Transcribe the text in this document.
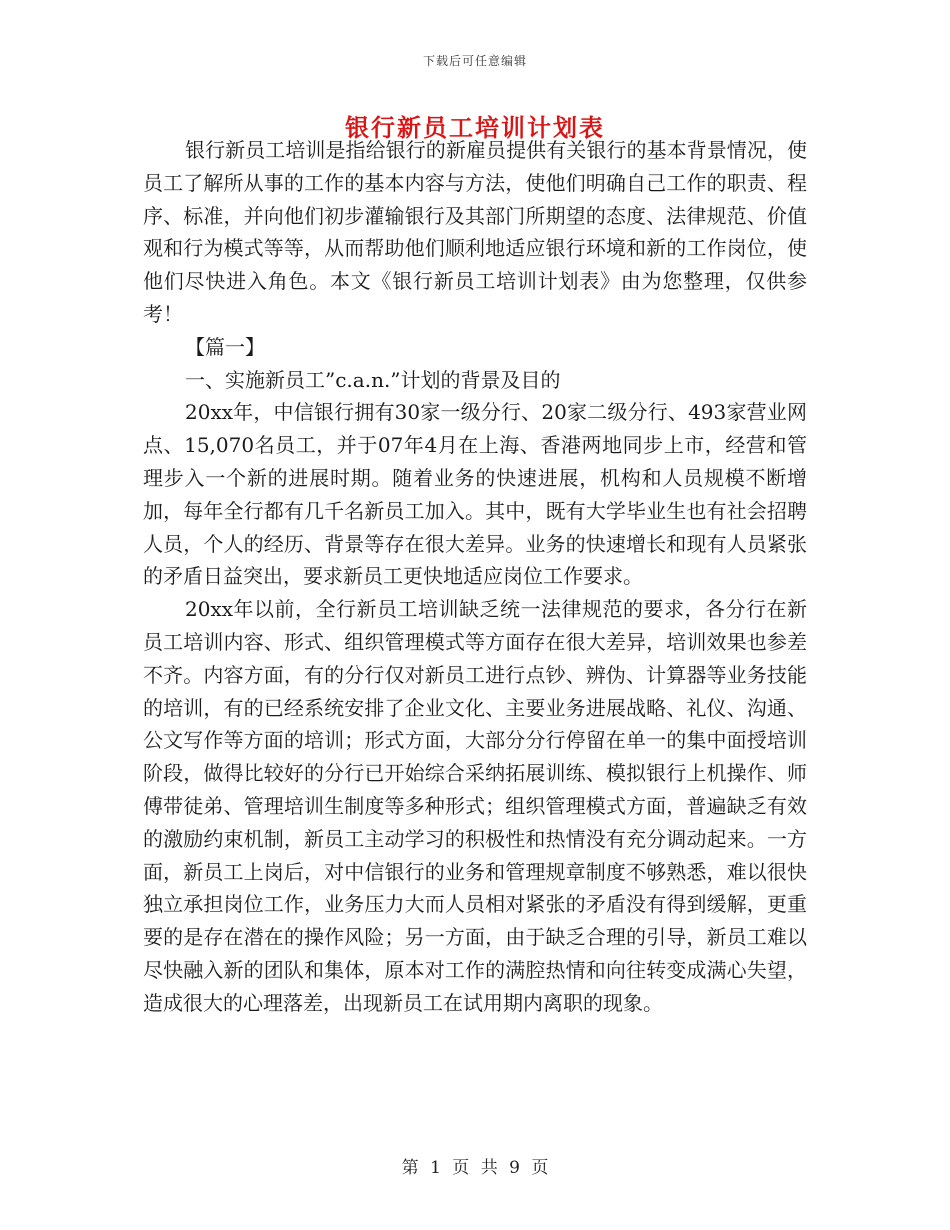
下载后可任意编辑
银行新员工培训计划表

银行新员工培训是指给银行的新雇员提供有关银行的基本背景情况，使员工了解所从事的工作的基本内容与方法，使他们明确自己工作的职责、程序、标准，并向他们初步灌输银行及其部门所期望的态度、法律规范、价值观和行为模式等等，从而帮助他们顺利地适应银行环境和新的工作岗位，使他们尽快进入角色。本文《银行新员工培训计划表》由为您整理，仅供参考！

【篇一】

一、实施新员工”c.a.n.”计划的背景及目的

20xx年，中信银行拥有30家一级分行、20家二级分行、493家营业网点、15,070名员工，并于07年4月在上海、香港两地同步上市，经营和管理步入一个新的进展时期。随着业务的快速进展，机构和人员规模不断增加，每年全行都有几千名新员工加入。其中，既有大学毕业生也有社会招聘人员，个人的经历、背景等存在很大差异。业务的快速增长和现有人员紧张的矛盾日益突出，要求新员工更快地适应岗位工作要求。

20xx年以前，全行新员工培训缺乏统一法律规范的要求，各分行在新员工培训内容、形式、组织管理模式等方面存在很大差异，培训效果也参差不齐。内容方面，有的分行仅对新员工进行点钞、辨伪、计算器等业务技能的培训，有的已经系统安排了企业文化、主要业务进展战略、礼仪、沟通、公文写作等方面的培训；形式方面，大部分分行停留在单一的集中面授培训阶段，做得比较好的分行已开始综合采纳拓展训练、模拟银行上机操作、师傅带徒弟、管理培训生制度等多种形式；组织管理模式方面，普遍缺乏有效的激励约束机制，新员工主动学习的积极性和热情没有充分调动起来。一方面，新员工上岗后，对中信银行的业务和管理规章制度不够熟悉，难以很快独立承担岗位工作，业务压力大而人员相对紧张的矛盾没有得到缓解，更重要的是存在潜在的操作风险；另一方面，由于缺乏合理的引导，新员工难以尽快融入新的团队和集体，原本对工作的满腔热情和向往转变成满心失望，造成很大的心理落差，出现新员工在试用期内离职的现象。

第 1 页 共 9 页
